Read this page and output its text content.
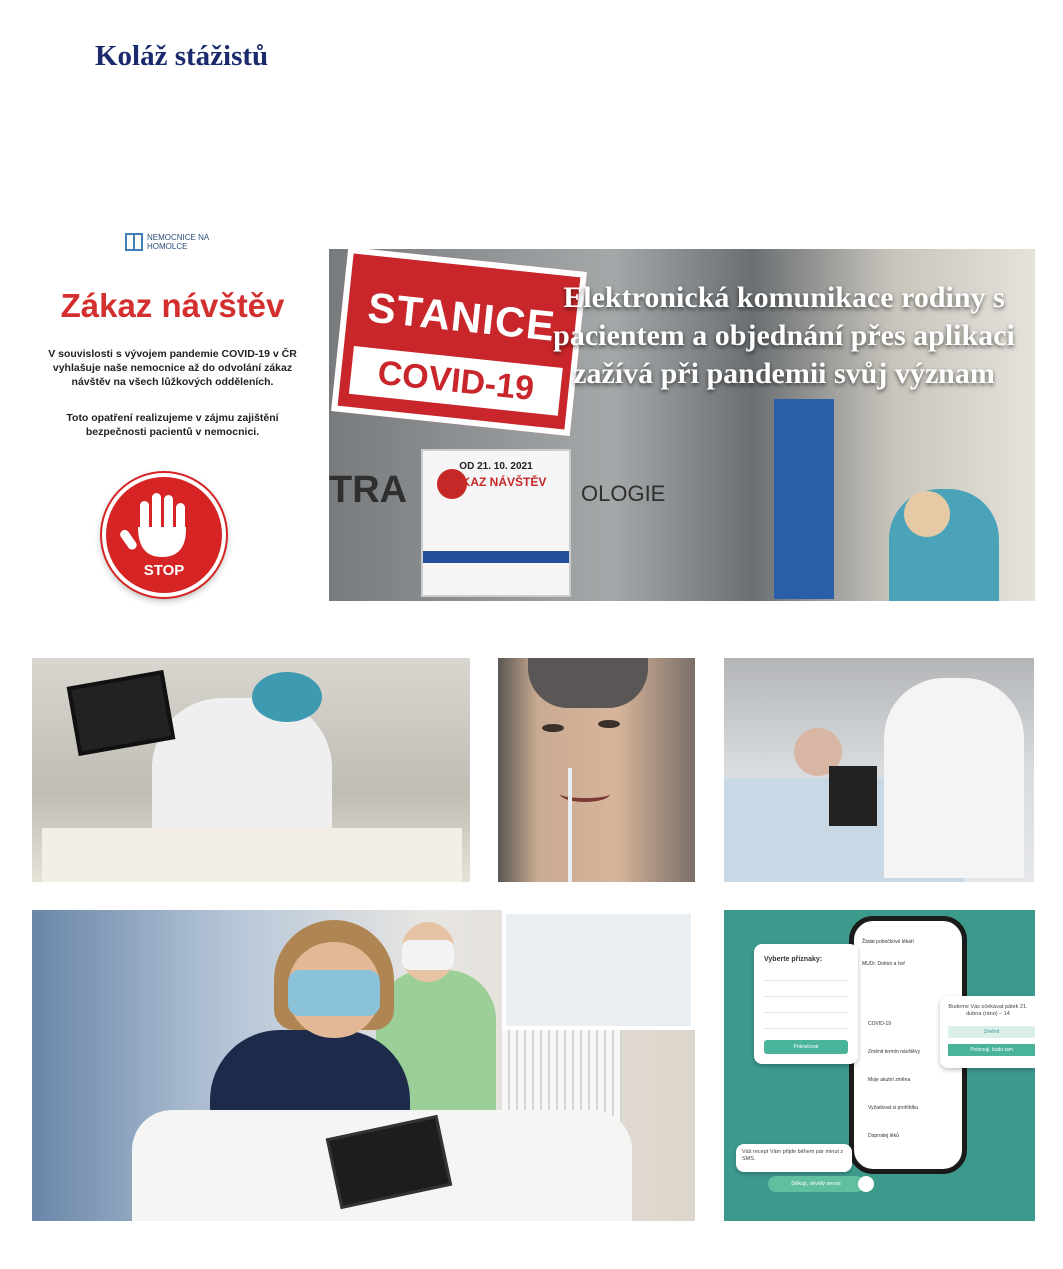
Koláž stážistů
NEMOCNICE NA HOMOLCE
Zákaz návštěv
V souvislosti s vývojem pandemie COVID-19 v ČR vyhlašuje naše nemocnice až do odvolání zákaz návštěv na všech lůžkových odděleních.
Toto opatření realizujeme v zájmu zajištění bezpečnosti pacientů v nemocnici.
STOP
TRA	OLOGIE
STANICE
COVID-19
OD 21. 10. 2021
ZÁKAZ NÁVŠTĚV
Elektronická komunikace rodiny s pacientem a objednání přes aplikaci zažívá při pandemii svůj význam
Žádat pobočkové lékaři
MUDr. Doktor a hoř
COVID-19
Změnit termín návštěvy
Moje akutní změna
Vyžadovat si prohlídku
Doprodej léků
Vyberte příznaky:
Pokračovat
Budeme Vás očekávat pátek 21. dubna (ráno) – 14
Změnit
Potvrzuji, budu tam
Váš recept Vám přijde během pár minut z SMS.
Děkuji, skvělý servis
